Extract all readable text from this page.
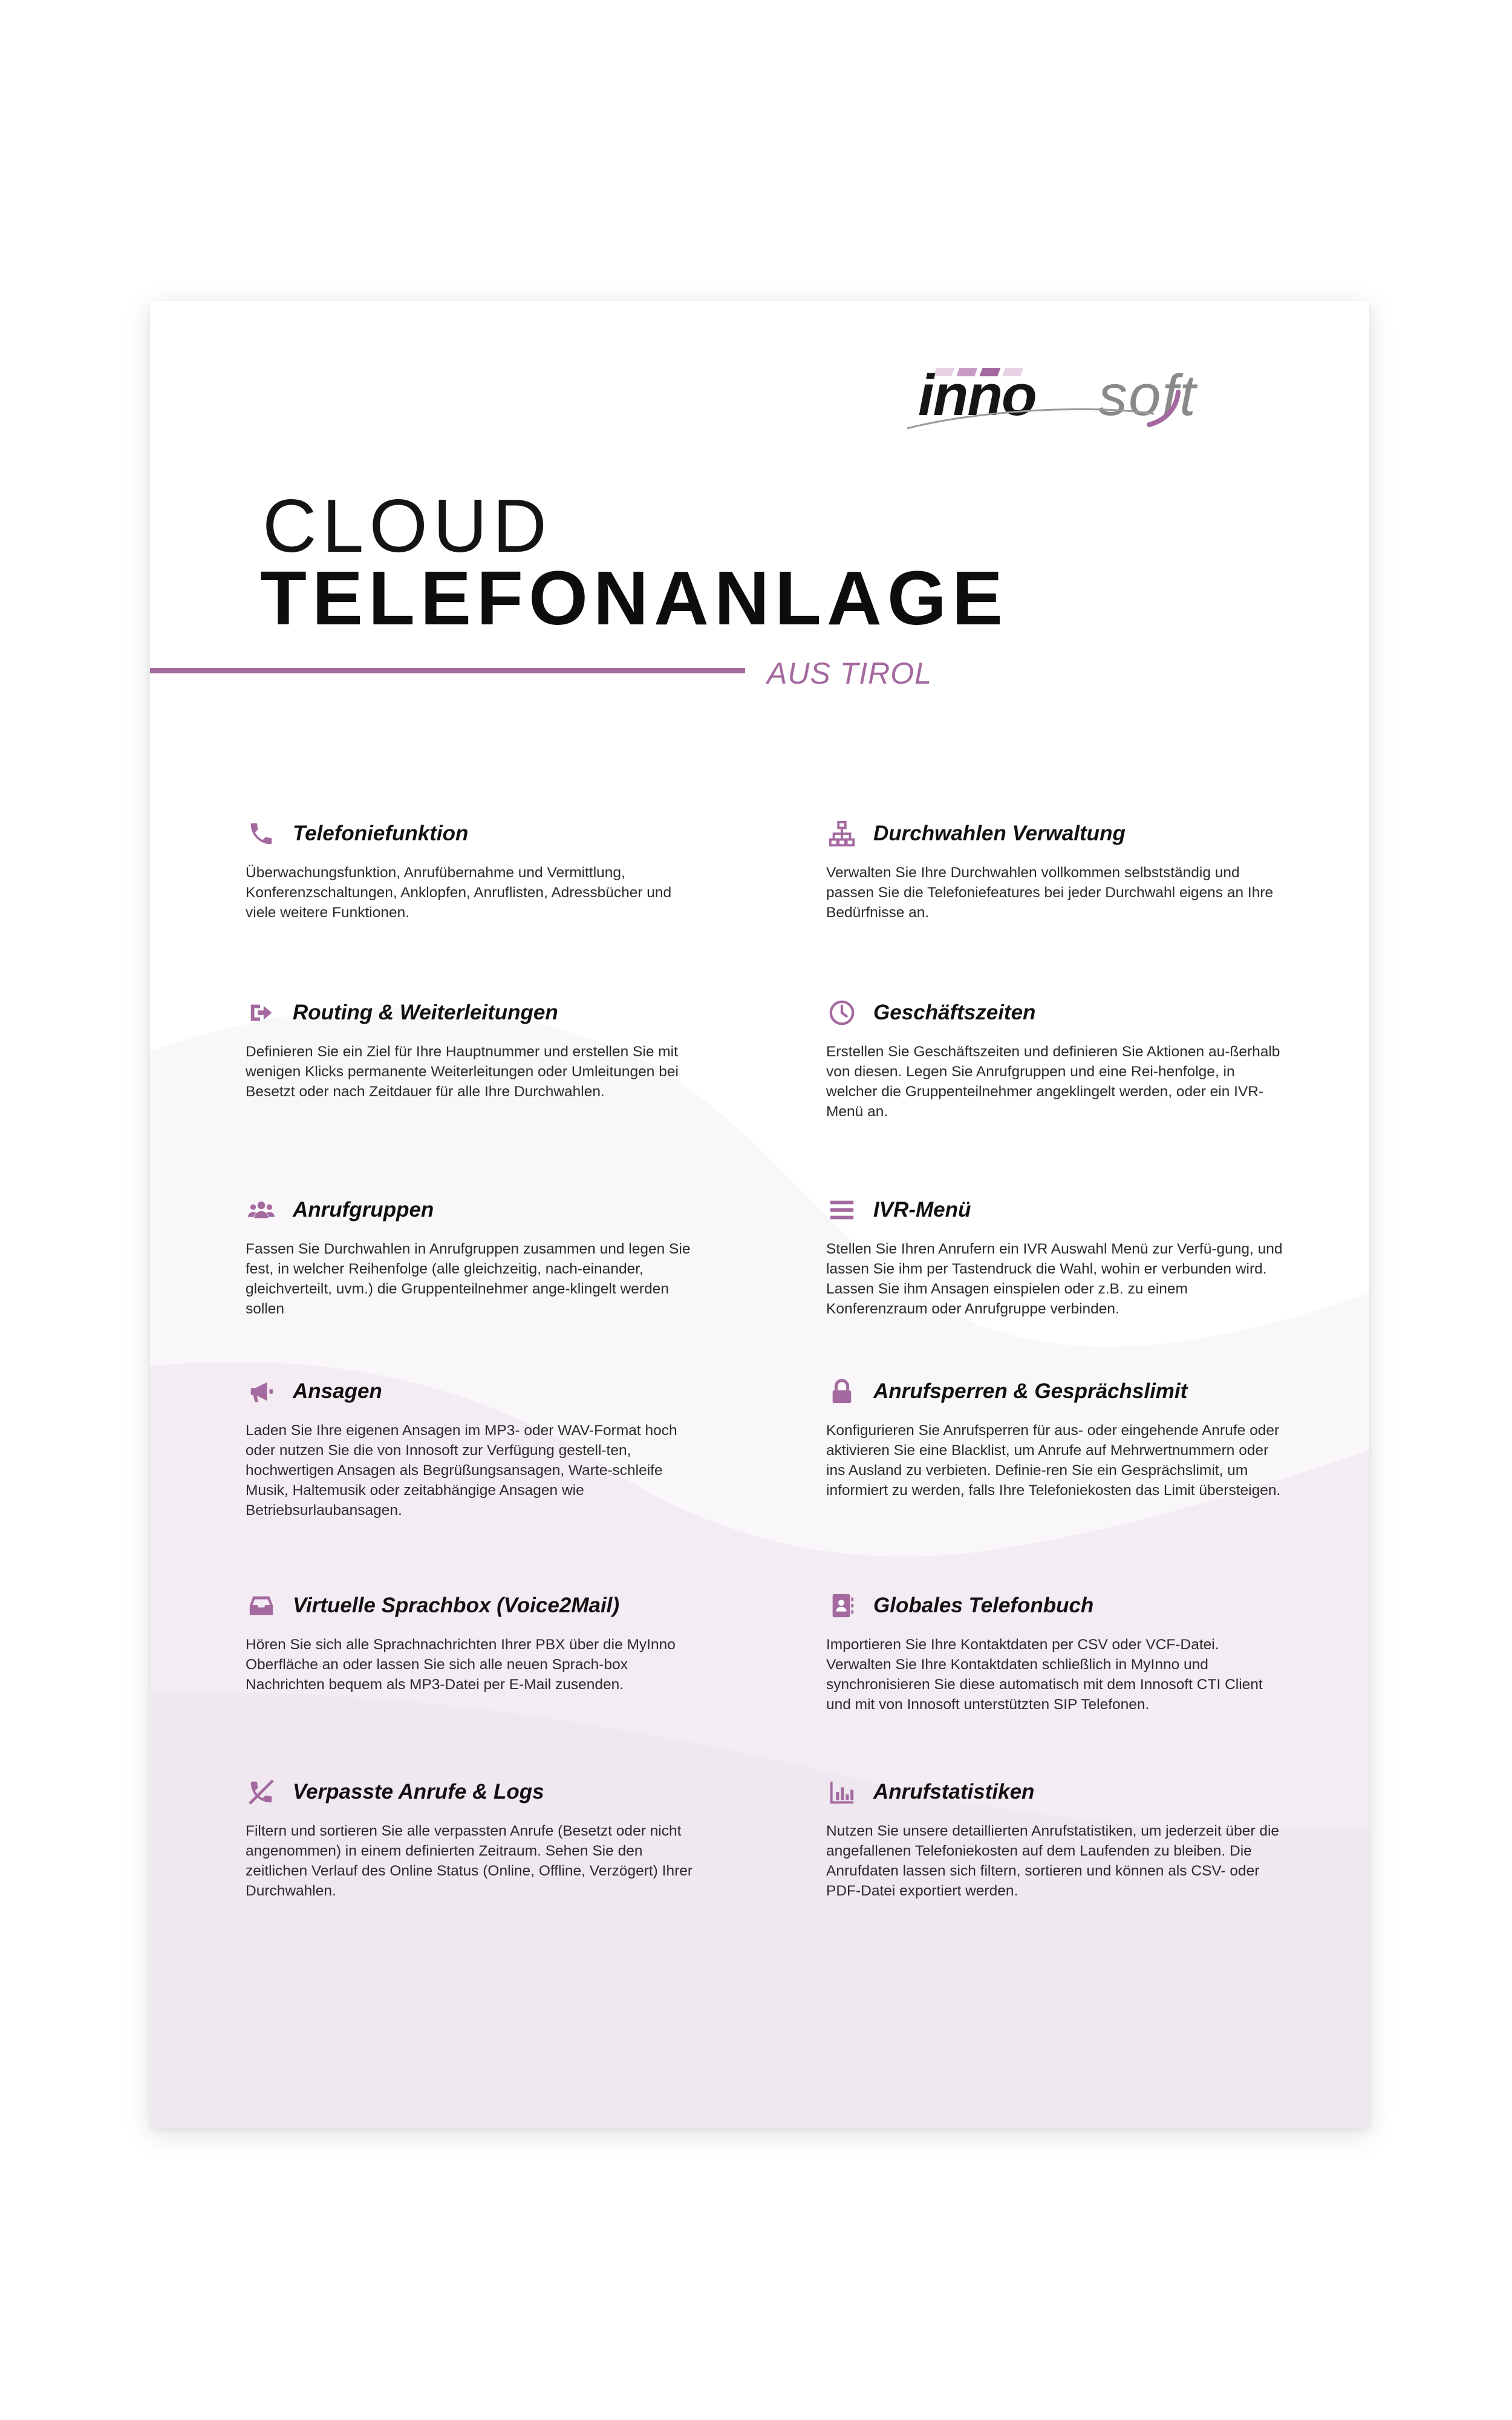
inno soft
CLOUD
TELEFONANLAGE
AUS TIROL
Telefoniefunktion

Überwachungsfunktion, Anrufübernahme und Vermittlung, Konferenzschaltungen, Anklopfen, Anruflisten, Adressbücher und viele weitere Funktionen.

Durchwahlen Verwaltung

Verwalten Sie Ihre Durchwahlen vollkommen selbstständig und passen Sie die Telefoniefeatures bei jeder Durchwahl eigens an Ihre Bedürfnisse an.

Routing & Weiterleitungen

Definieren Sie ein Ziel für Ihre Hauptnummer und erstellen Sie mit wenigen Klicks permanente Weiterleitungen oder Umleitungen bei Besetzt oder nach Zeitdauer für alle Ihre Durchwahlen.

Geschäftszeiten

Erstellen Sie Geschäftszeiten und definieren Sie Aktionen au-ßerhalb von diesen. Legen Sie Anrufgruppen und eine Rei-henfolge, in welcher die Gruppenteilnehmer angeklingelt werden, oder ein IVR-Menü an.

Anrufgruppen

Fassen Sie Durchwahlen in Anrufgruppen zusammen und legen Sie fest, in welcher Reihenfolge (alle gleichzeitig, nach-einander, gleichverteilt, uvm.) die Gruppenteilnehmer ange-klingelt werden sollen

IVR-Menü

Stellen Sie Ihren Anrufern ein IVR Auswahl Menü zur Verfü-gung, und lassen Sie ihm per Tastendruck die Wahl, wohin er verbunden wird. Lassen Sie ihm Ansagen einspielen oder z.B. zu einem Konferenzraum oder Anrufgruppe verbinden.

Ansagen

Laden Sie Ihre eigenen Ansagen im MP3- oder WAV-Format hoch oder nutzen Sie die von Innosoft zur Verfügung gestell-ten, hochwertigen Ansagen als Begrüßungsansagen, Warte-schleife Musik, Haltemusik oder zeitabhängige Ansagen wie Betriebsurlaubansagen.

Anrufsperren & Gesprächslimit

Konfigurieren Sie Anrufsperren für aus- oder eingehende Anrufe oder aktivieren Sie eine Blacklist, um Anrufe auf Mehrwertnummern oder ins Ausland zu verbieten. Definie-ren Sie ein Gesprächslimit, um informiert zu werden, falls Ihre Telefoniekosten das Limit übersteigen.

Virtuelle Sprachbox (Voice2Mail)

Hören Sie sich alle Sprachnachrichten Ihrer PBX über die MyInno Oberfläche an oder lassen Sie sich alle neuen Sprach-box Nachrichten bequem als MP3-Datei per E-Mail zusenden.

Globales Telefonbuch

Importieren Sie Ihre Kontaktdaten per CSV oder VCF-Datei. Verwalten Sie Ihre Kontaktdaten schließlich in MyInno und synchronisieren Sie diese automatisch mit dem Innosoft CTI Client und mit von Innosoft unterstützten SIP Telefonen.

Verpasste Anrufe & Logs

Filtern und sortieren Sie alle verpassten Anrufe (Besetzt oder nicht angenommen) in einem definierten Zeitraum. Sehen Sie den zeitlichen Verlauf des Online Status (Online, Offline, Verzögert) Ihrer Durchwahlen.

Anrufstatistiken

Nutzen Sie unsere detaillierten Anrufstatistiken, um jederzeit über die angefallenen Telefoniekosten auf dem Laufenden zu bleiben. Die Anrufdaten lassen sich filtern, sortieren und können als CSV- oder PDF-Datei exportiert werden.
